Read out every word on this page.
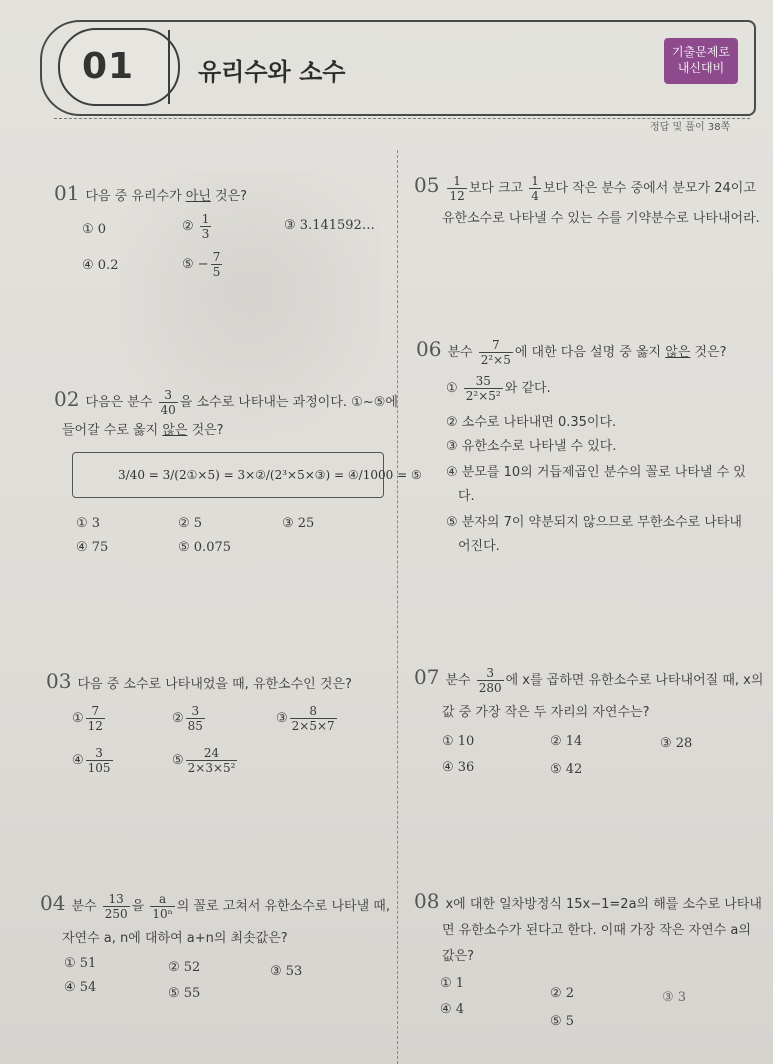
01	유리수와 소수
기출문제로
내신대비
정답 및 풀이 38쪽
01 다음 중 유리수가 아닌 것은?
① 0	② $\frac{1}{3}$	③ 3.141592…
④ 0.2	⑤ − $\frac{7}{5}$
02 다음은 분수 $\frac{3}{40}$ 을 소수로 나타내는 과정이다. ①~⑤에
들어갈 수로 옳지 않은 것은?
3/40 = 3/(2①×5) = 3×②/(2³×5×③) = ④/1000 = ⑤
① 3	② 5	③ 25
④ 75	⑤ 0.075
03 다음 중 소수로 나타내었을 때, 유한소수인 것은?
① $\frac{7}{12}$	② $\frac{3}{85}$	③ $\frac{8}{2\times 5\times 7}$
④ $\frac{3}{105}$	⑤ $\frac{24}{\text{2×3×5²}}$
04 분수 $\frac{13}{250}$ 을 $\frac{a}{\text{10ⁿ}}$ 의 꼴로 고쳐서 유한소수로 나타낼 때,
자연수 a, n에 대하여 a+n의 최솟값은?
① 51	② 52	③ 53
④ 54	⑤ 55
$05 \frac{1}{12}$ 보다 크고 $\frac{1}{4}$ 보다 작은 분수 중에서 분모가 24이고
유한소수로 나타낼 수 있는 수를 기약분수로 나타내어라.
06 분수 $\frac{7}{\text{2²×5}}$ 에 대한 다음 설명 중 옳지 않은 것은?
① $\frac{35}{\text{2²×5²}}$ 와 같다.
② 소수로 나타내면 0.35이다.
③ 유한소수로 나타낼 수 있다.
④ 분모를 10의 거듭제곱인 분수의 꼴로 나타낼 수 있
다.
⑤ 분자의 7이 약분되지 않으므로 무한소수로 나타내
어진다.
07 분수 $\frac{3}{280}$ 에 x를 곱하면 유한소수로 나타내어질 때, x의
값 중 가장 작은 두 자리의 자연수는?
① 10	② 14	③ 28
④ 36	⑤ 42
08 x에 대한 일차방정식 15x−1=2a의 해를 소수로 나타내
면 유한소수가 된다고 한다. 이때 가장 작은 자연수 a의
값은?
① 1
② 2	③ 3
④ 4
⑤ 5
